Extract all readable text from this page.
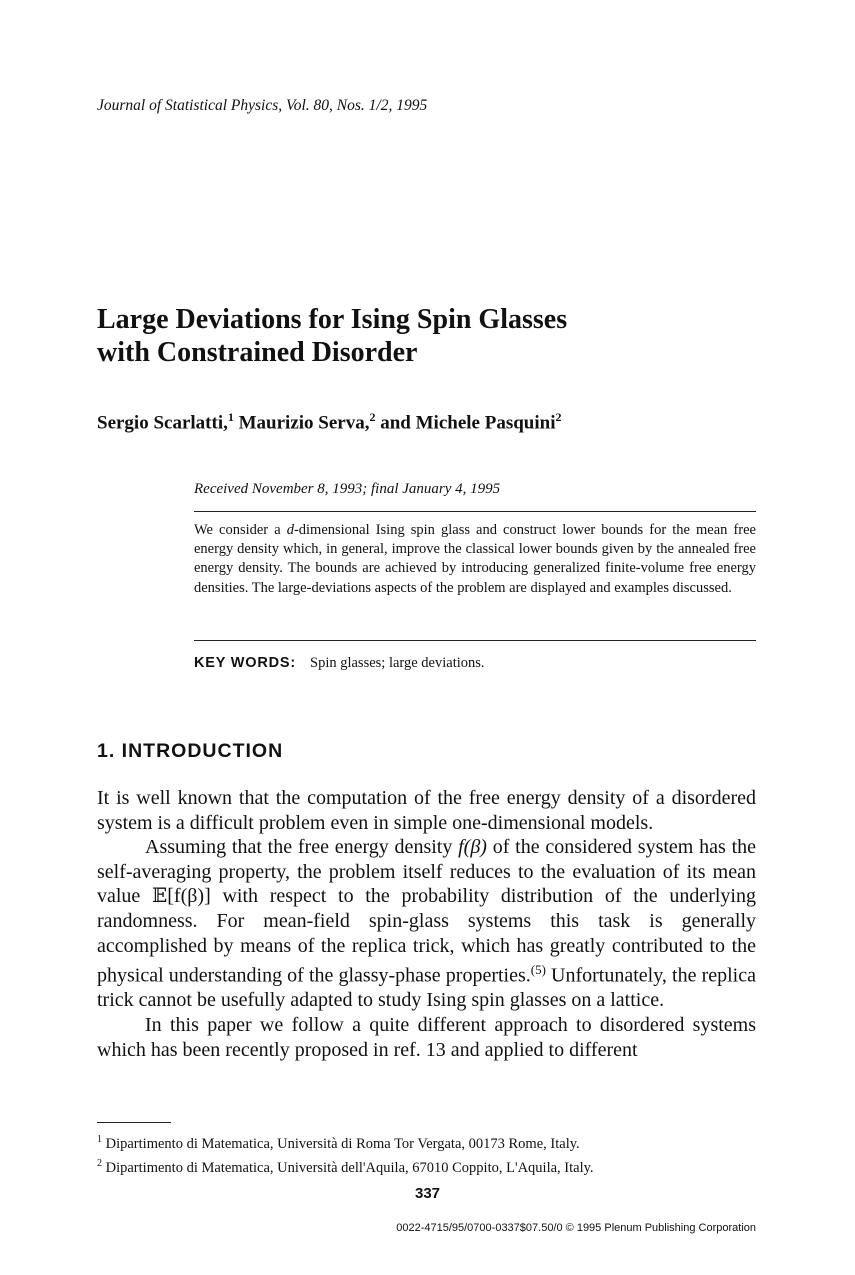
Journal of Statistical Physics, Vol. 80, Nos. 1/2, 1995
Large Deviations for Ising Spin Glasses
with Constrained Disorder
Sergio Scarlatti,$^1$ Maurizio Serva,$^2$ and Michele Pasquini$^2$
Received November 8, 1993; final January 4, 1995

We consider a d-dimensional Ising spin glass and construct lower bounds for the mean free energy density which, in general, improve the classical lower bounds given by the annealed free energy density. The bounds are achieved by introducing generalized finite-volume free energy densities. The large-deviations aspects of the problem are displayed and examples discussed.

KEY WORDS: Spin glasses; large deviations.
1. INTRODUCTION

It is well known that the computation of the free energy density of a disordered system is a difficult problem even in simple one-dimensional models.

Assuming that the free energy density f(β) of the considered system has the self-averaging property, the problem itself reduces to the evaluation of its mean value 𝔼[f(β)] with respect to the probability distribution of the underlying randomness. For mean-field spin-glass systems this task is generally accomplished by means of the replica trick, which has greatly contributed to the physical understanding of the glassy-phase properties.$^{(5)}$ Unfortunately, the replica trick cannot be usefully adapted to study Ising spin glasses on a lattice.

In this paper we follow a quite different approach to disordered systems which has been recently proposed in ref. 13 and applied to different

$^1$ Dipartimento di Matematica, Università di Roma Tor Vergata, 00173 Rome, Italy.
$^2$ Dipartimento di Matematica, Università dell'Aquila, 67010 Coppito, L'Aquila, Italy.
337
0022-4715/95/0700-0337$07.50/0 © 1995 Plenum Publishing Corporation
